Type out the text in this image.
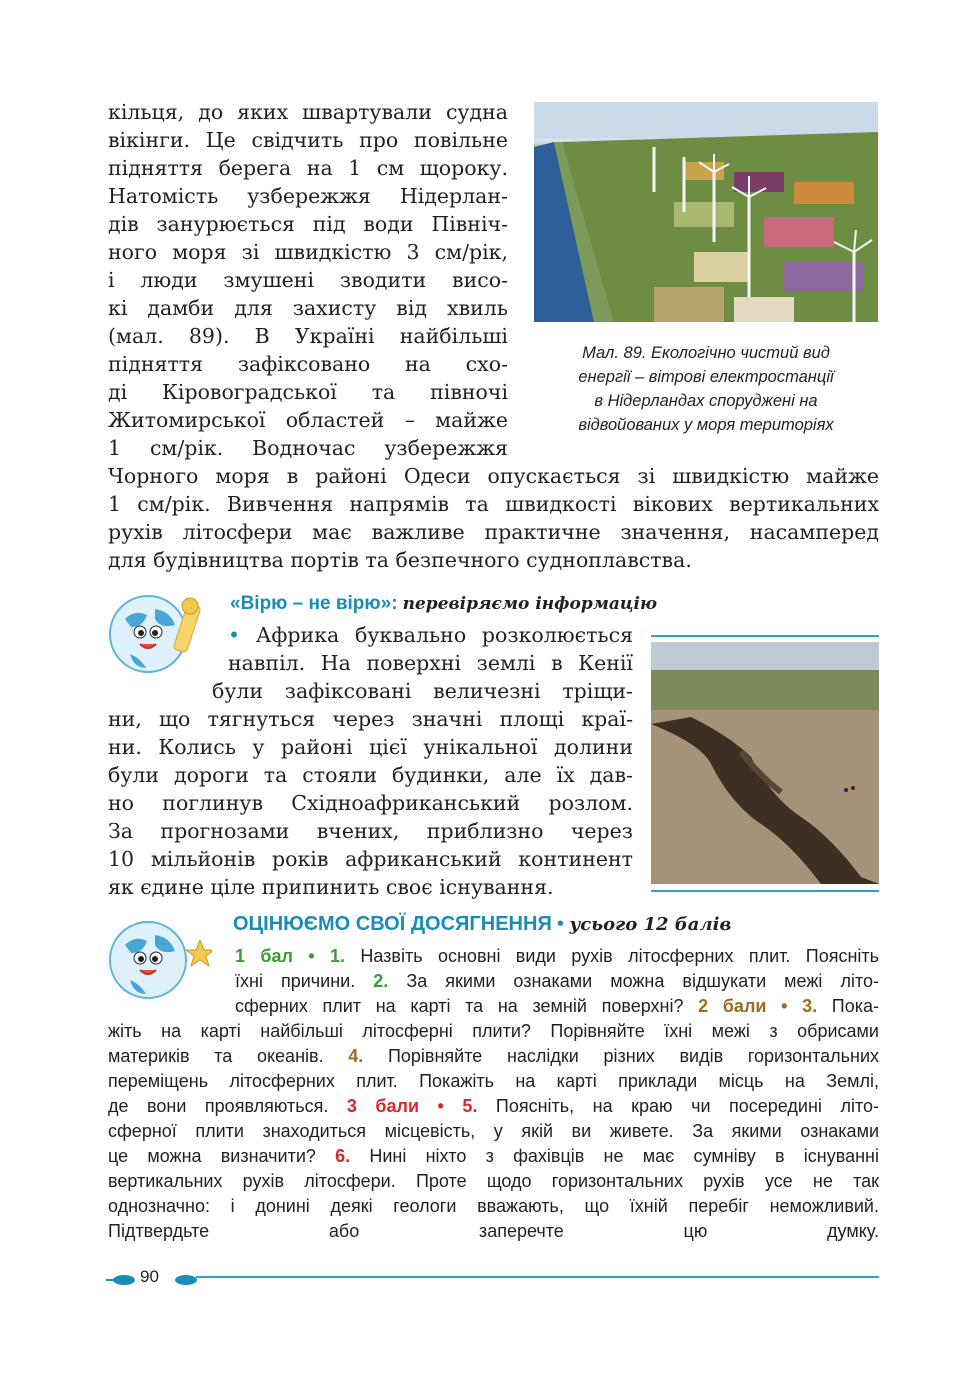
кільця, до яких швартували судна
вікінги. Це свідчить про повільне
підняття берега на 1 см щороку.
Натомість узбережжя Нідерлан-
дів занурюється під води Північ-
ного моря зі швидкістю 3 см/рік,
і люди змушені зводити висо-
кі дамби для захисту від хвиль
(мал. 89). В Україні найбільші
підняття зафіксовано на схо-
ді Кіровоградської та півночі
Житомирської областей – майже
1 см/рік. Водночас узбережжя
Чорного моря в районі Одеси опускається зі швидкістю майже
1 см/рік. Вивчення напрямів та швидкості вікових вертикальних
рухів літосфери має важливе практичне значення, насамперед
для будівництва портів та безпечного судноплавства.
Мал. 89. Екологічно чистий вид
енергії – вітрові електростанції
в Нідерландах споруджені на
відвойованих у моря територіях
«Вірю – не вірю»: перевіряємо інформацію
• Африка буквально розколюється
навпіл. На поверхні землі в Кенії
були зафіксовані величезні тріщи-
ни, що тягнуться через значні площі краї-
ни. Колись у районі цієї унікальної долини
були дороги та стояли будинки, але їх дав-
но поглинув Східноафриканський розлом.
За прогнозами вчених, приблизно через
10 мільйонів років африканський континент
як єдине ціле припинить своє існування.
ОЦІНЮЄМО СВОЇ ДОСЯГНЕННЯ • усього 12 балів
1 бал • 1. Назвіть основні види рухів літосферних плит. Поясніть
їхні причини. 2. За якими ознаками можна відшукати межі літо-
сферних плит на карті та на земній поверхні? 2 бали • 3. Пока-
жіть на карті найбільші літосферні плити? Порівняйте їхні межі з обрисами
материків та океанів. 4. Порівняйте наслідки різних видів горизонтальних
переміщень літосферних плит. Покажіть на карті приклади місць на Землі,
де вони проявляються. 3 бали • 5. Поясніть, на краю чи посередині літо-
сферної плити знаходиться місцевість, у якій ви живете. За якими ознаками
це можна визначити? 6. Нині ніхто з фахівців не має сумніву в існуванні
вертикальних рухів літосфери. Проте щодо горизонтальних рухів усе не так
однозначно: і донині деякі геологи вважають, що їхній перебіг неможливий.
Підтвердьте або заперечте цю думку.
90
